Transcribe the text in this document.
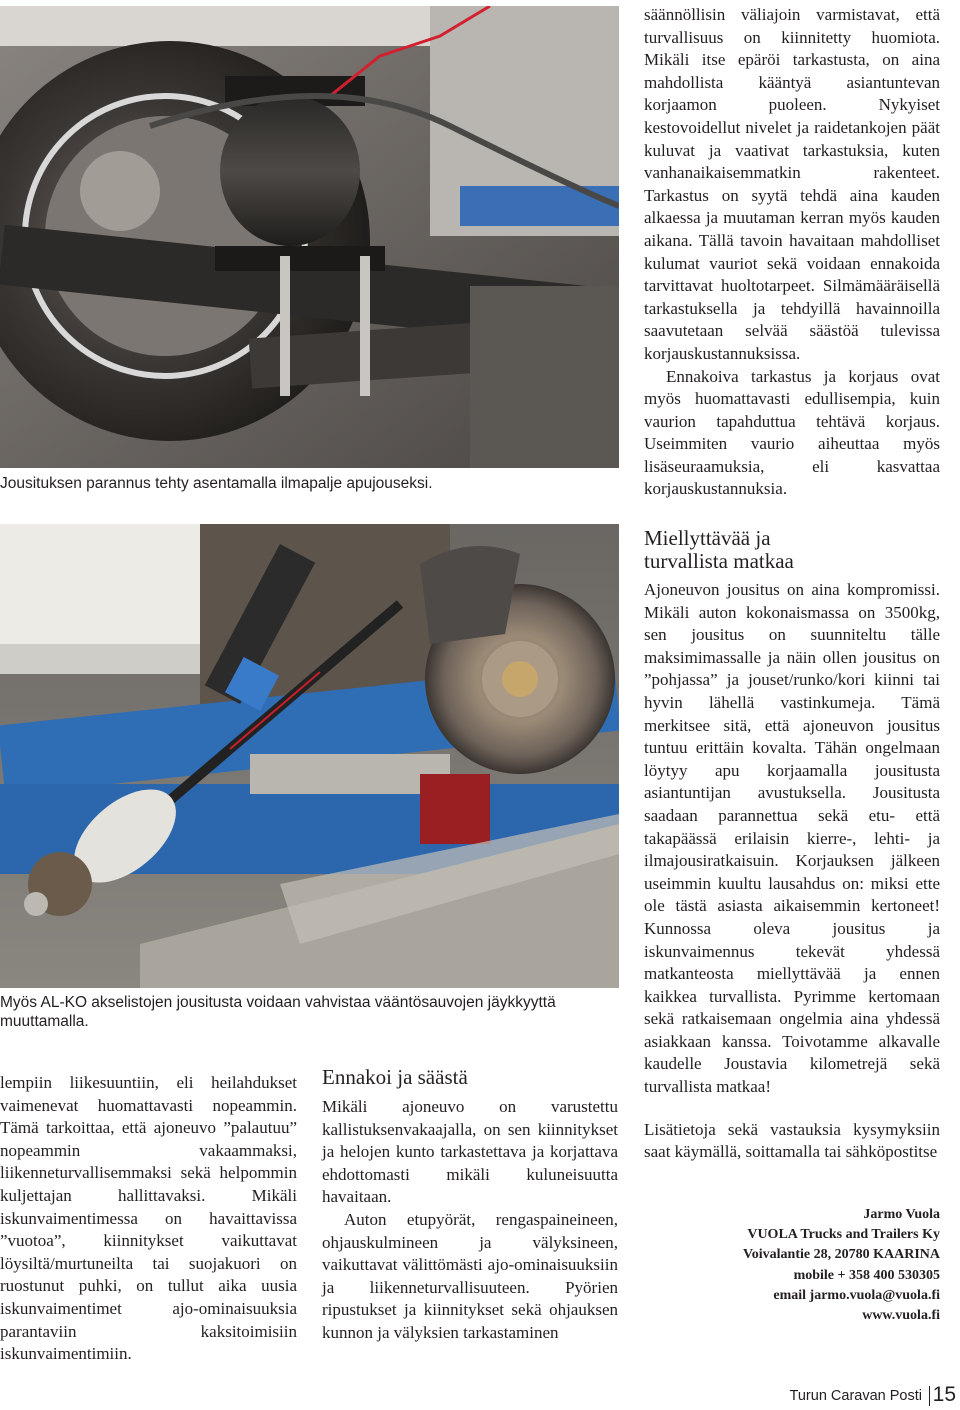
Jousituksen parannus tehty asentamalla ilmapalje apujouseksi.

säännöllisin väliajoin varmistavat, että turvallisuus on kiinnitetty huomiota. Mikäli itse epäröi tarkastusta, on aina mahdollista kääntyä asiantuntevan korjaamon puoleen. Nykyiset kestovoidellut nivelet ja raidetankojen päät kuluvat ja vaativat tarkastuksia, kuten vanhanaikaisemmatkin rakenteet. Tarkastus on syytä tehdä aina kauden alkaessa ja muutaman kerran myös kauden aikana. Tällä tavoin havaitaan mahdolliset kulumat vauriot sekä voidaan ennakoida tarvittavat huoltotarpeet. Silmämääräisellä tarkastuksella ja tehdyillä havainnoilla saavutetaan selvää säästöä tulevissa korjauskustannuksissa.

Ennakoiva tarkastus ja korjaus ovat myös huomattavasti edullisempia, kuin vaurion tapahduttua tehtävä korjaus. Useimmiten vaurio aiheuttaa myös lisäseuraamuksia, eli kasvattaa korjauskustannuksia.

Myös AL-KO akselistojen jousitusta voidaan vahvistaa vääntösauvojen jäykkyyttä muuttamalla.
Miellyttävää ja turvallista matkaa

Ajoneuvon jousitus on aina kompromissi. Mikäli auton kokonaismassa on 3500kg, sen jousitus on suunniteltu tälle maksimimassalle ja näin ollen jousitus on ”pohjassa” ja jouset/runko/kori kiinni tai hyvin lähellä vastinkumeja. Tämä merkitsee sitä, että ajoneuvon jousitus tuntuu erittäin kovalta. Tähän ongelmaan löytyy apu korjaamalla jousitusta asiantuntijan avustuksella. Jousitusta saadaan parannettua sekä etu- että takapäässä erilaisin kierre-, lehti- ja ilmajousiratkaisuin. Korjauksen jälkeen useimmin kuultu lausahdus on: miksi ette ole tästä asiasta aikaisemmin kertoneet! Kunnossa oleva jousitus ja iskunvaimennus tekevät yhdessä matkanteosta miellyttävää ja ennen kaikkea turvallista. Pyrimme kertomaan sekä ratkaisemaan ongelmia aina yhdessä asiakkaan kanssa. Toivotamme alkavalle kaudelle Joustavia kilometrejä sekä turvallista matkaa!

Lisätietoja sekä vastauksia kysymyksiin saat käymällä, soittamalla tai sähköpostitse

lempiin liikesuuntiin, eli heilahdukset vaimenevat huomattavasti nopeammin. Tämä tarkoittaa, että ajoneuvo ”palautuu” nopeammin vakaammaksi, liikenneturvallisemmaksi sekä helpommin kuljettajan hallittavaksi. Mikäli iskunvaimentimessa on havaittavissa ”vuotoa”, kiinnitykset vaikuttavat löysiltä/murtuneilta tai suojakuori on ruostunut puhki, on tullut aika uusia iskunvaimentimet ajo-ominaisuuksia parantaviin kaksitoimisiin iskunvaimentimiin.

Ennakoi ja säästä

Mikäli ajoneuvo on varustettu kallistuksenvakaajalla, on sen kiinnitykset ja helojen kunto tarkastettava ja korjattava ehdottomasti mikäli kuluneisuutta havaitaan.

Auton etupyörät, rengaspaineineen, ohjauskulmineen ja välyksineen, vaikuttavat välittömästi ajo-ominaisuuksiin ja liikenneturvallisuuteen. Pyörien ripustukset ja kiinnitykset sekä ohjauksen kunnon ja välyksien tarkastaminen

Jarmo Vuola
VUOLA Trucks and Trailers Ky
Voivalantie 28, 20780 KAARINA
mobile + 358 400 530305
email jarmo.vuola@vuola.fi
www.vuola.fi
Turun Caravan Posti 15
